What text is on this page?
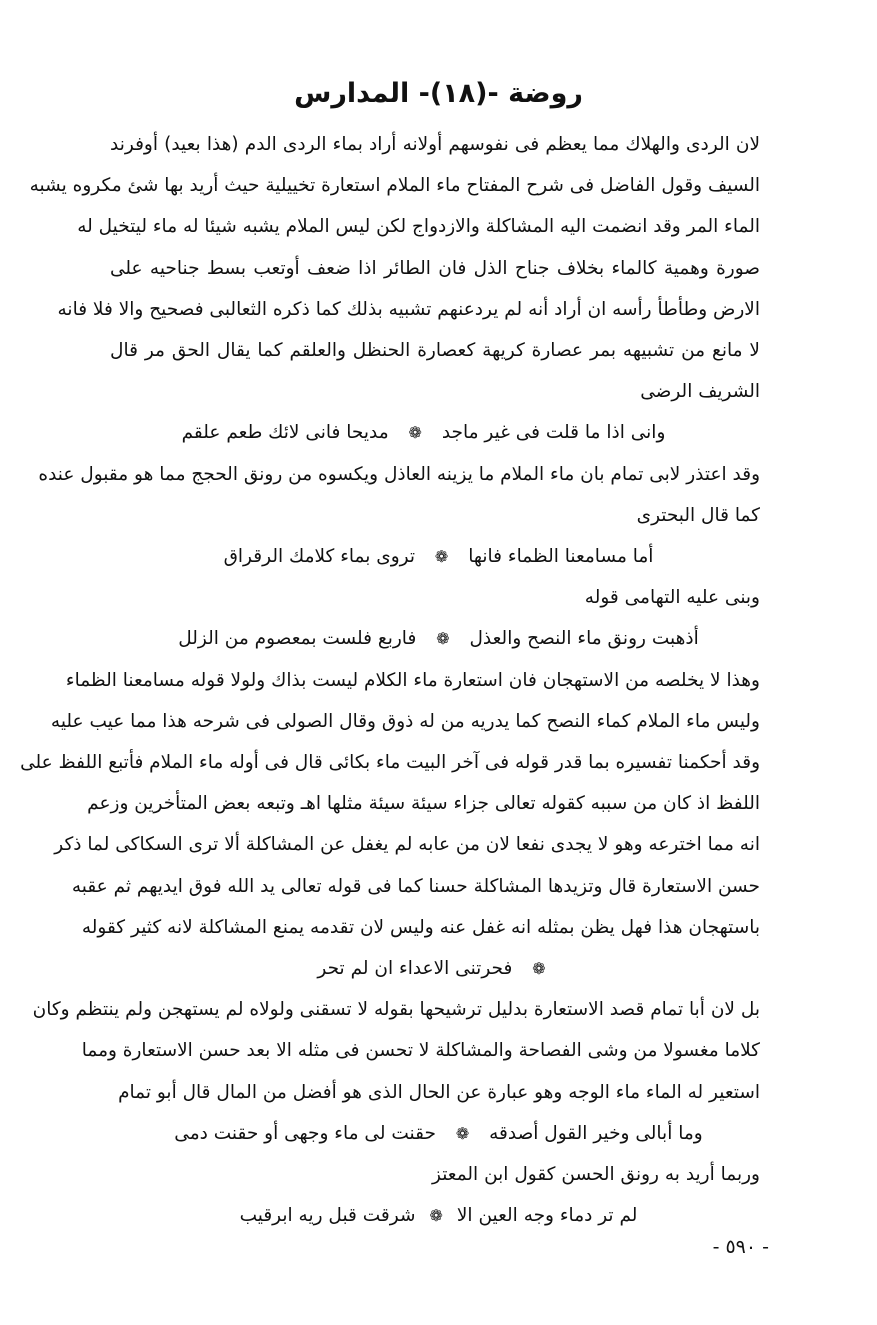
روضة -(١٨)- المدارس
لان الردى والهلاك مما يعظم فى نفوسهم أولانه أراد بماء الردى الدم (هذا بعيد) أوفرند
السيف وقول الفاضل فى شرح المفتاح ماء الملام استعارة تخييلية حيث أريد بها شئ مكروه يشبه
الماء المر وقد انضمت اليه المشاكلة والازدواج لكن ليس الملام يشبه شيئا له ماء ليتخيل له
صورة وهمية كالماء بخلاف جناح الذل فان الطائر اذا ضعف أوتعب بسط جناحيه على
الارض وطأطأ رأسه ان أراد أنه لم يردعنهم تشبيه بذلك كما ذكره الثعالبى فصحيح والا فلا فانه
لا مانع من تشبيهه بمر عصارة كريهة كعصارة الحنظل والعلقم كما يقال الحق مر قال
الشريف الرضى
وانى اذا ما قلت فى غير ماجد ❁ مديحا فانى لائك طعم علقم
وقد اعتذر لابى تمام بان ماء الملام ما يزينه العاذل ويكسوه من رونق الحجج مما هو مقبول عنده
كما قال البحترى
أما مسامعنا الظماء فانها ❁ تروى بماء كلامك الرقراق
وبنى عليه التهامى قوله
أذهبت رونق ماء النصح والعذل ❁ فاربع فلست بمعصوم من الزلل
وهذا لا يخلصه من الاستهجان فان استعارة ماء الكلام ليست بذاك ولولا قوله مسامعنا الظماء
وليس ماء الملام كماء النصح كما يدريه من له ذوق وقال الصولى فى شرحه هذا مما عيب عليه
وقد أحكمنا تفسيره بما قدر قوله فى آخر البيت ماء بكائى قال فى أوله ماء الملام فأتبع اللفظ على
اللفظ اذ كان من سببه كقوله تعالى جزاء سيئة سيئة مثلها اهـ وتبعه بعض المتأخرين وزعم
انه مما اخترعه وهو لا يجدى نفعا لان من عابه لم يغفل عن المشاكلة ألا ترى السكاكى لما ذكر
حسن الاستعارة قال وتزيدها المشاكلة حسنا كما فى قوله تعالى يد الله فوق ايديهم ثم عقبه
باستهجان هذا فهل يظن بمثله انه غفل عنه وليس لان تقدمه يمنع المشاكلة لانه كثير كقوله
❁ فحرتنى الاعداء ان لم تحر
بل لان أبا تمام قصد الاستعارة بدليل ترشيحها بقوله لا تسقنى ولولاه لم يستهجن ولم ينتظم وكان
كلاما مغسولا من وشى الفصاحة والمشاكلة لا تحسن فى مثله الا بعد حسن الاستعارة ومما
استعير له الماء ماء الوجه وهو عبارة عن الحال الذى هو أفضل من المال قال أبو تمام
وما أبالى وخير القول أصدقه ❁ حقنت لى ماء وجهى أو حقنت دمى
- ٥٩٠ -
وربما أريد به رونق الحسن كقول ابن المعتز
لم تر دماء وجه العين الا❁شرقت قبل ريه ابرقيب
